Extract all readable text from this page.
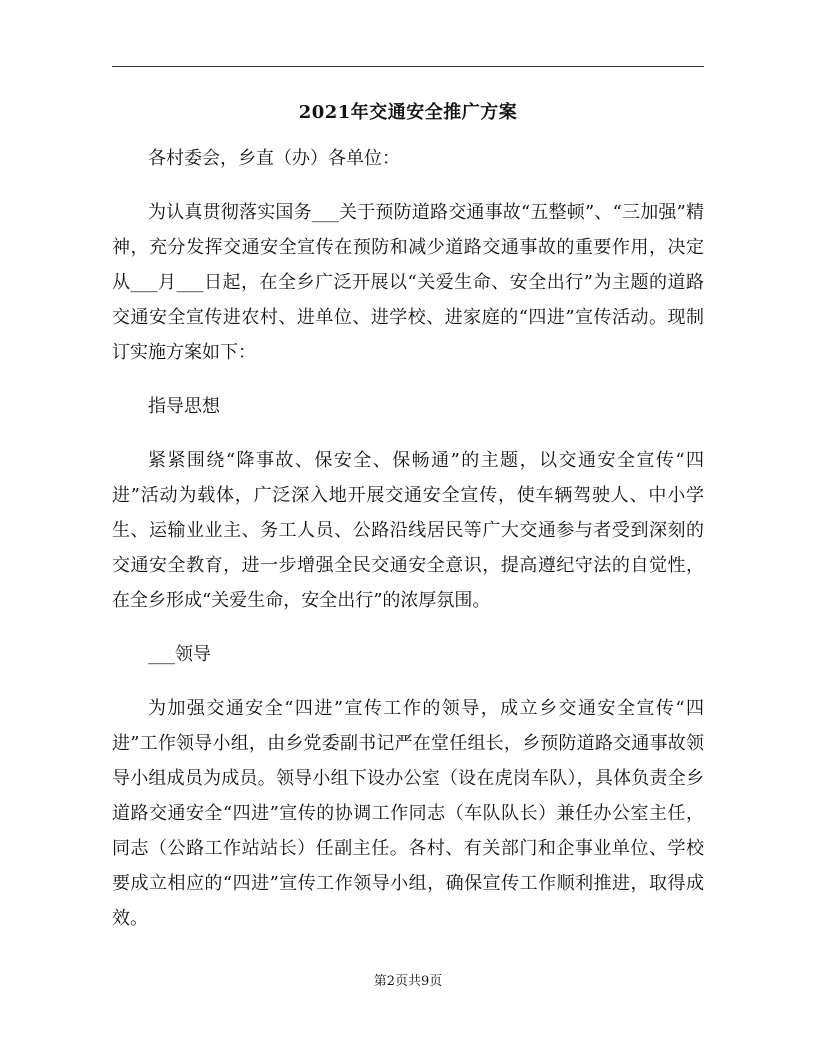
2021年交通安全推广方案

各村委会，乡直（办）各单位：

为认真贯彻落实国务___关于预防道路交通事故“五整顿”、“三加强”精神，充分发挥交通安全宣传在预防和减少道路交通事故的重要作用，决定从___月___日起，在全乡广泛开展以“关爱生命、安全出行”为主题的道路交通安全宣传进农村、进单位、进学校、进家庭的“四进”宣传活动。现制订实施方案如下：

指导思想

紧紧围绕“降事故、保安全、保畅通”的主题，以交通安全宣传“四进”活动为载体，广泛深入地开展交通安全宣传，使车辆驾驶人、中小学生、运输业业主、务工人员、公路沿线居民等广大交通参与者受到深刻的交通安全教育，进一步增强全民交通安全意识，提高遵纪守法的自觉性，在全乡形成“关爱生命，安全出行”的浓厚氛围。

___领导

为加强交通安全“四进”宣传工作的领导，成立乡交通安全宣传“四进”工作领导小组，由乡党委副书记严在堂任组长，乡预防道路交通事故领导小组成员为成员。领导小组下设办公室（设在虎岗车队），具体负责全乡道路交通安全“四进”宣传的协调工作同志（车队队长）兼任办公室主任，同志（公路工作站站长）任副主任。各村、有关部门和企事业单位、学校要成立相应的“四进”宣传工作领导小组，确保宣传工作顺利推进，取得成效。

第2页共9页
